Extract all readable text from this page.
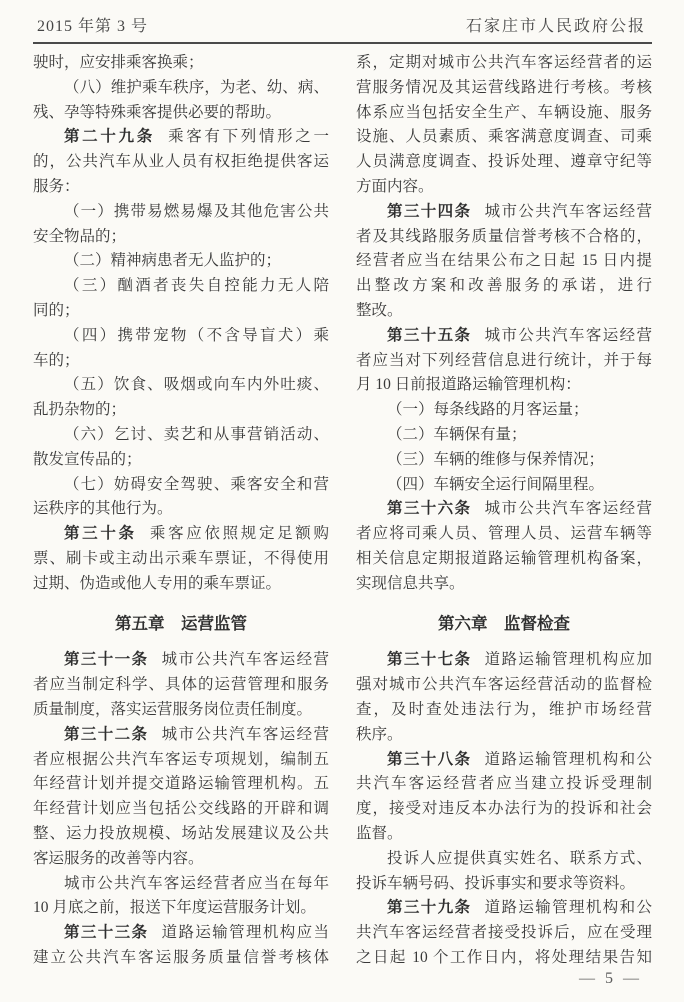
2015 年第 3 号	石家庄市人民政府公报
驶时，应安排乘客换乘；
（八）维护乘车秩序，为老、幼、病、
残、孕等特殊乘客提供必要的帮助。
第二十九条 乘客有下列情形之一
的，公共汽车从业人员有权拒绝提供客运
服务：
（一）携带易燃易爆及其他危害公共
安全物品的；
（二）精神病患者无人监护的；
（三）酗酒者丧失自控能力无人陪
同的；
（四）携带宠物（不含导盲犬）乘
车的；
（五）饮食、吸烟或向车内外吐痰、
乱扔杂物的；
（六）乞讨、卖艺和从事营销活动、
散发宣传品的；
（七）妨碍安全驾驶、乘客安全和营
运秩序的其他行为。
第三十条 乘客应依照规定足额购
票、刷卡或主动出示乘车票证，不得使用
过期、伪造或他人专用的乘车票证。
第五章　运营监管
第三十一条 城市公共汽车客运经营
者应当制定科学、具体的运营管理和服务
质量制度，落实运营服务岗位责任制度。
第三十二条 城市公共汽车客运经营
者应根据公共汽车客运专项规划，编制五
年经营计划并提交道路运输管理机构。五
年经营计划应当包括公交线路的开辟和调
整、运力投放规模、场站发展建议及公共
客运服务的改善等内容。
城市公共汽车客运经营者应当在每年
10 月底之前，报送下年度运营服务计划。
第三十三条 道路运输管理机构应当
建立公共汽车客运服务质量信誉考核体
系，定期对城市公共汽车客运经营者的运
营服务情况及其运营线路进行考核。考核
体系应当包括安全生产、车辆设施、服务
设施、人员素质、乘客满意度调查、司乘
人员满意度调查、投诉处理、遵章守纪等
方面内容。
第三十四条 城市公共汽车客运经营
者及其线路服务质量信誉考核不合格的，
经营者应当在结果公布之日起 15 日内提
出整改方案和改善服务的承诺，进行
整改。
第三十五条 城市公共汽车客运经营
者应当对下列经营信息进行统计，并于每
月 10 日前报道路运输管理机构：
（一）每条线路的月客运量；
（二）车辆保有量；
（三）车辆的维修与保养情况；
（四）车辆安全运行间隔里程。
第三十六条 城市公共汽车客运经营
者应将司乘人员、管理人员、运营车辆等
相关信息定期报道路运输管理机构备案，
实现信息共享。
第六章　监督检查
第三十七条 道路运输管理机构应加
强对城市公共汽车客运经营活动的监督检
查，及时查处违法行为，维护市场经营
秩序。
第三十八条 道路运输管理机构和公
共汽车客运经营者应当建立投诉受理制
度，接受对违反本办法行为的投诉和社会
监督。
投诉人应提供真实姓名、联系方式、
投诉车辆号码、投诉事实和要求等资料。
第三十九条 道路运输管理机构和公
共汽车客运经营者接受投诉后，应在受理
之日起 10 个工作日内，将处理结果告知
— 5 —
